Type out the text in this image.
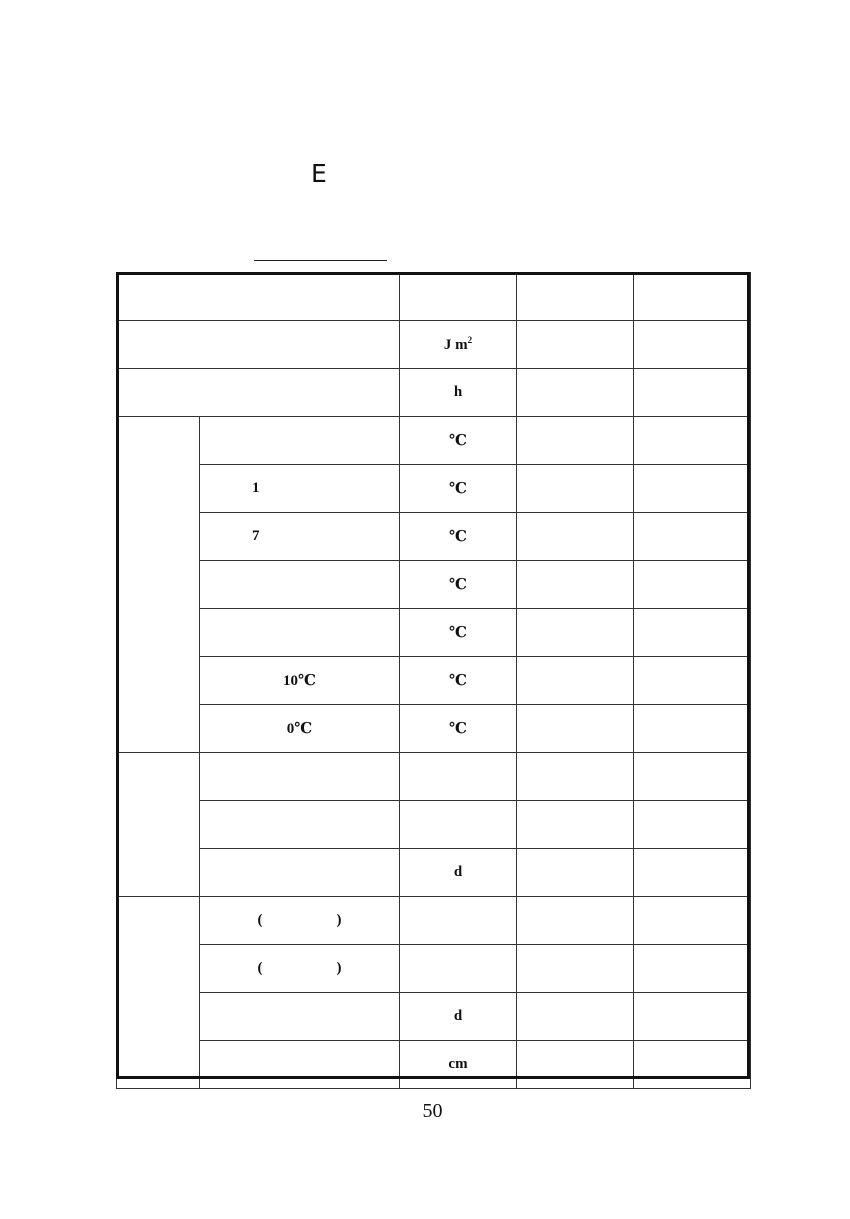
E

		J $m^2$		
		h		
		℃		
	1	℃		
	7	℃		
		℃		
		℃		
	10℃	℃		
	0℃	℃		

		d		
	( )			

	( )			

		d		
		cm		
50
